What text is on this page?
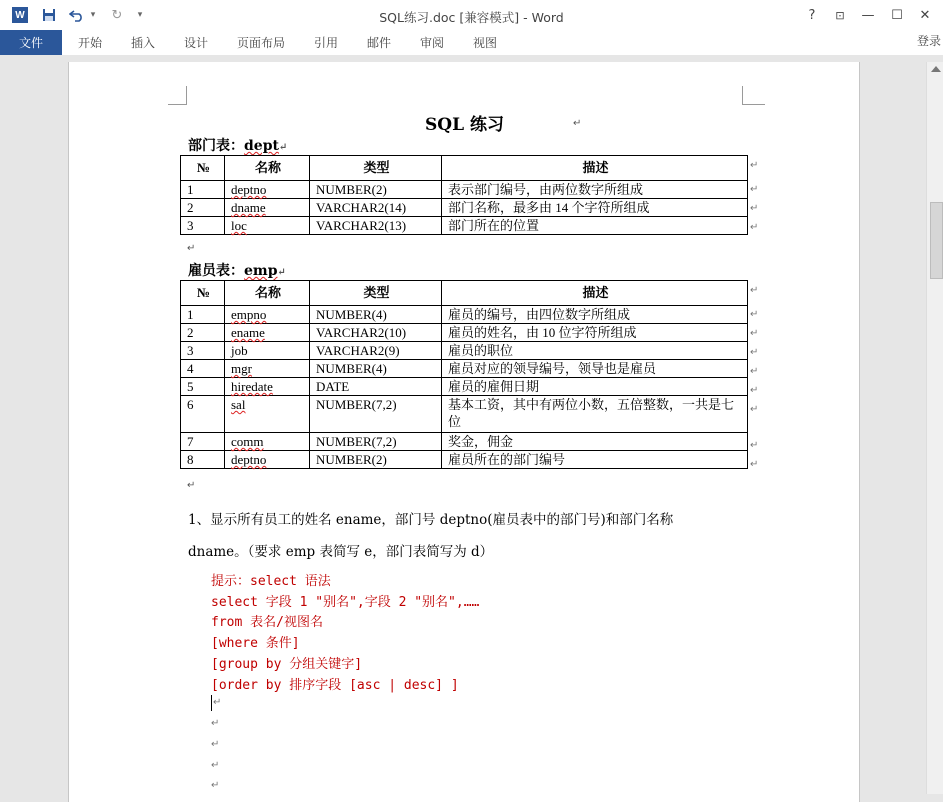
W	▾ ↻	▾	SQL练习.doc [兼容模式] - Word	?	⊡	—	☐	✕
文件	开始 插入 设计 页面布局 引用 邮件 审阅 视图	登录
SQL 练习	↵
部门表：dept↵
№	名称	类型	描述
1	deptno	NUMBER(2)	表示部门编号，由两位数字所组成
2	dname	VARCHAR2(14)	部门名称，最多由 14 个字符所组成
3	loc	VARCHAR2(13)	部门所在的位置
↵
雇员表：emp↵
№	名称	类型	描述
1	empno	NUMBER(4)	雇员的编号，由四位数字所组成
2	ename	VARCHAR2(10)	雇员的姓名，由 10 位字符所组成
3	job	VARCHAR2(9)	雇员的职位
4	mgr	NUMBER(4)	雇员对应的领导编号，领导也是雇员
5	hiredate	DATE	雇员的雇佣日期
6	sal	NUMBER(7,2)	基本工资，其中有两位小数，五倍整数，一共是七位
7	comm	NUMBER(7,2)	奖金，佣金
8	deptno	NUMBER(2)	雇员所在的部门编号
↵
↵
↵
↵
↵
↵
↵
↵
↵
↵
↵
↵
↵
↵
1、显示所有员工的姓名 ename，部门号 deptno(雇员表中的部门号)和部门名称
dname。（要求 emp 表简写 e，部门表简写为 d）
提示：select 语法
select 字段 1 "别名",字段 2 "别名",……
from 表名/视图名
[where 条件]
[group by 分组关键字]
[order by 排序字段 [asc | desc] ]
↵
↵
↵
↵
↵
